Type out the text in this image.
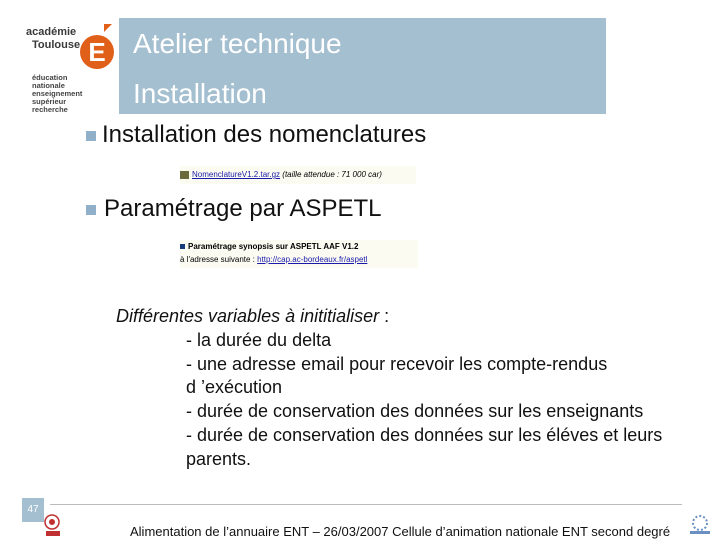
académie
Toulouse E
éducation
nationale
enseignement
supérieur
recherche
Atelier technique
Installation
Installation des nomenclatures
NomenclatureV1.2.tar.gz (taille attendue : 71 000 car)
Paramétrage par ASPETL
Paramétrage synopsis sur ASPETL AAF V1.2
à l'adresse suivante : http://cap.ac-bordeaux.fr/aspetl
Différentes variables à inititialiser :
- la durée du delta
- une adresse email pour recevoir les compte-rendus
d ’exécution
- durée de conservation des données sur les enseignants
- durée de conservation des données sur les éléves et leurs
parents.
47
Alimentation de l’annuaire ENT – 26/03/2007 Cellule d’animation nationale ENT second degré
